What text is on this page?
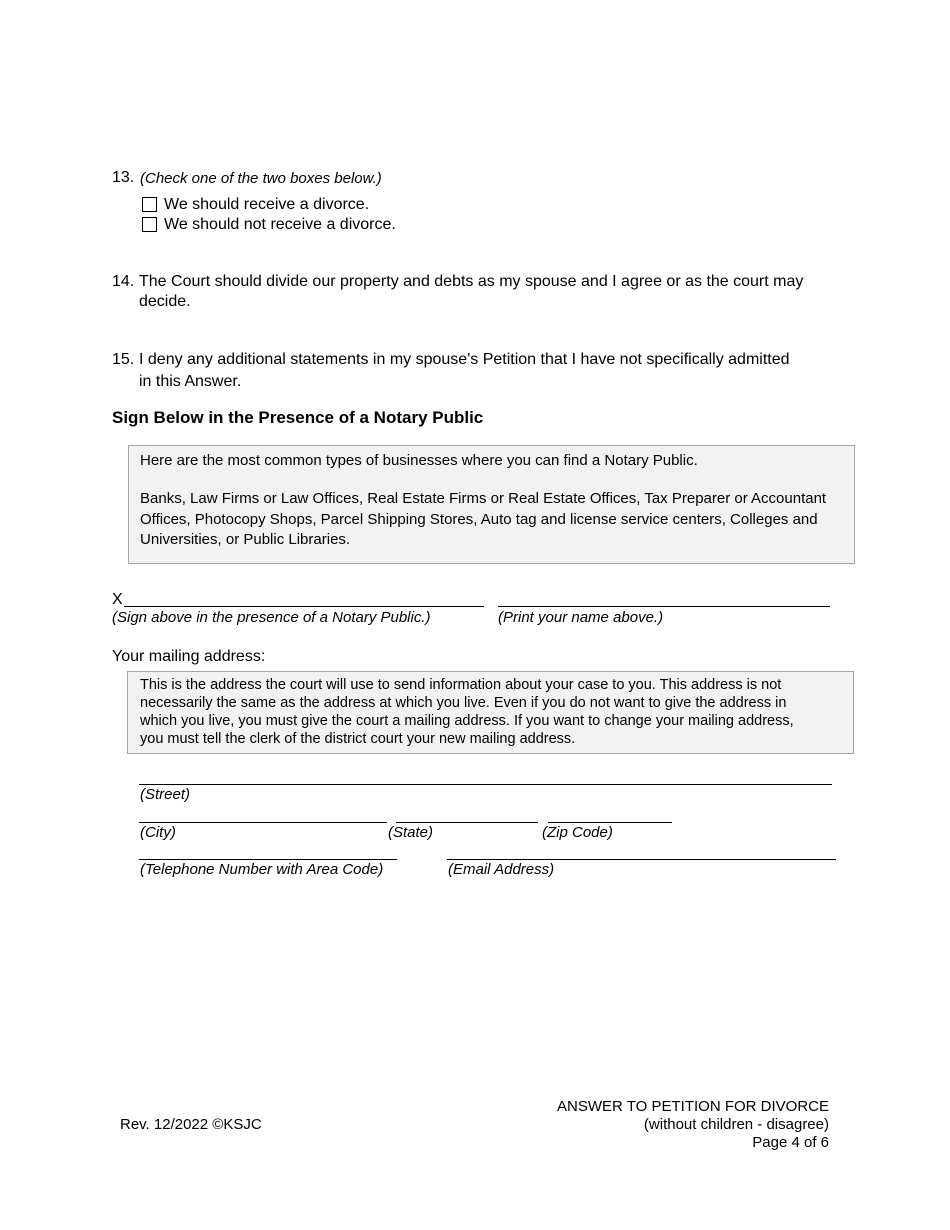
13. (Check one of the two boxes below.)
We should receive a divorce.
We should not receive a divorce.
14. The Court should divide our property and debts as my spouse and I agree or as the court may
decide.
15. I deny any additional statements in my spouse's Petition that I have not specifically admitted
in this Answer.
Sign Below in the Presence of a Notary Public
Here are the most common types of businesses where you can find a Notary Public.
Banks, Law Firms or Law Offices, Real Estate Firms or Real Estate Offices, Tax Preparer or Accountant
Offices, Photocopy Shops, Parcel Shipping Stores, Auto tag and license service centers, Colleges and
Universities, or Public Libraries.
X
(Sign above in the presence of a Notary Public.)	(Print your name above.)
Your mailing address:
This is the address the court will use to send information about your case to you. This address is not
necessarily the same as the address at which you live. Even if you do not want to give the address in
which you live, you must give the court a mailing address. If you want to change your mailing address,
you must tell the clerk of the district court your new mailing address.
(Street)
(City)	(State)	(Zip Code)
(Telephone Number with Area Code)	(Email Address)
Rev. 12/2022 ©KSJC
ANSWER TO PETITION FOR DIVORCE
(without children - disagree)
Page 4 of 6
